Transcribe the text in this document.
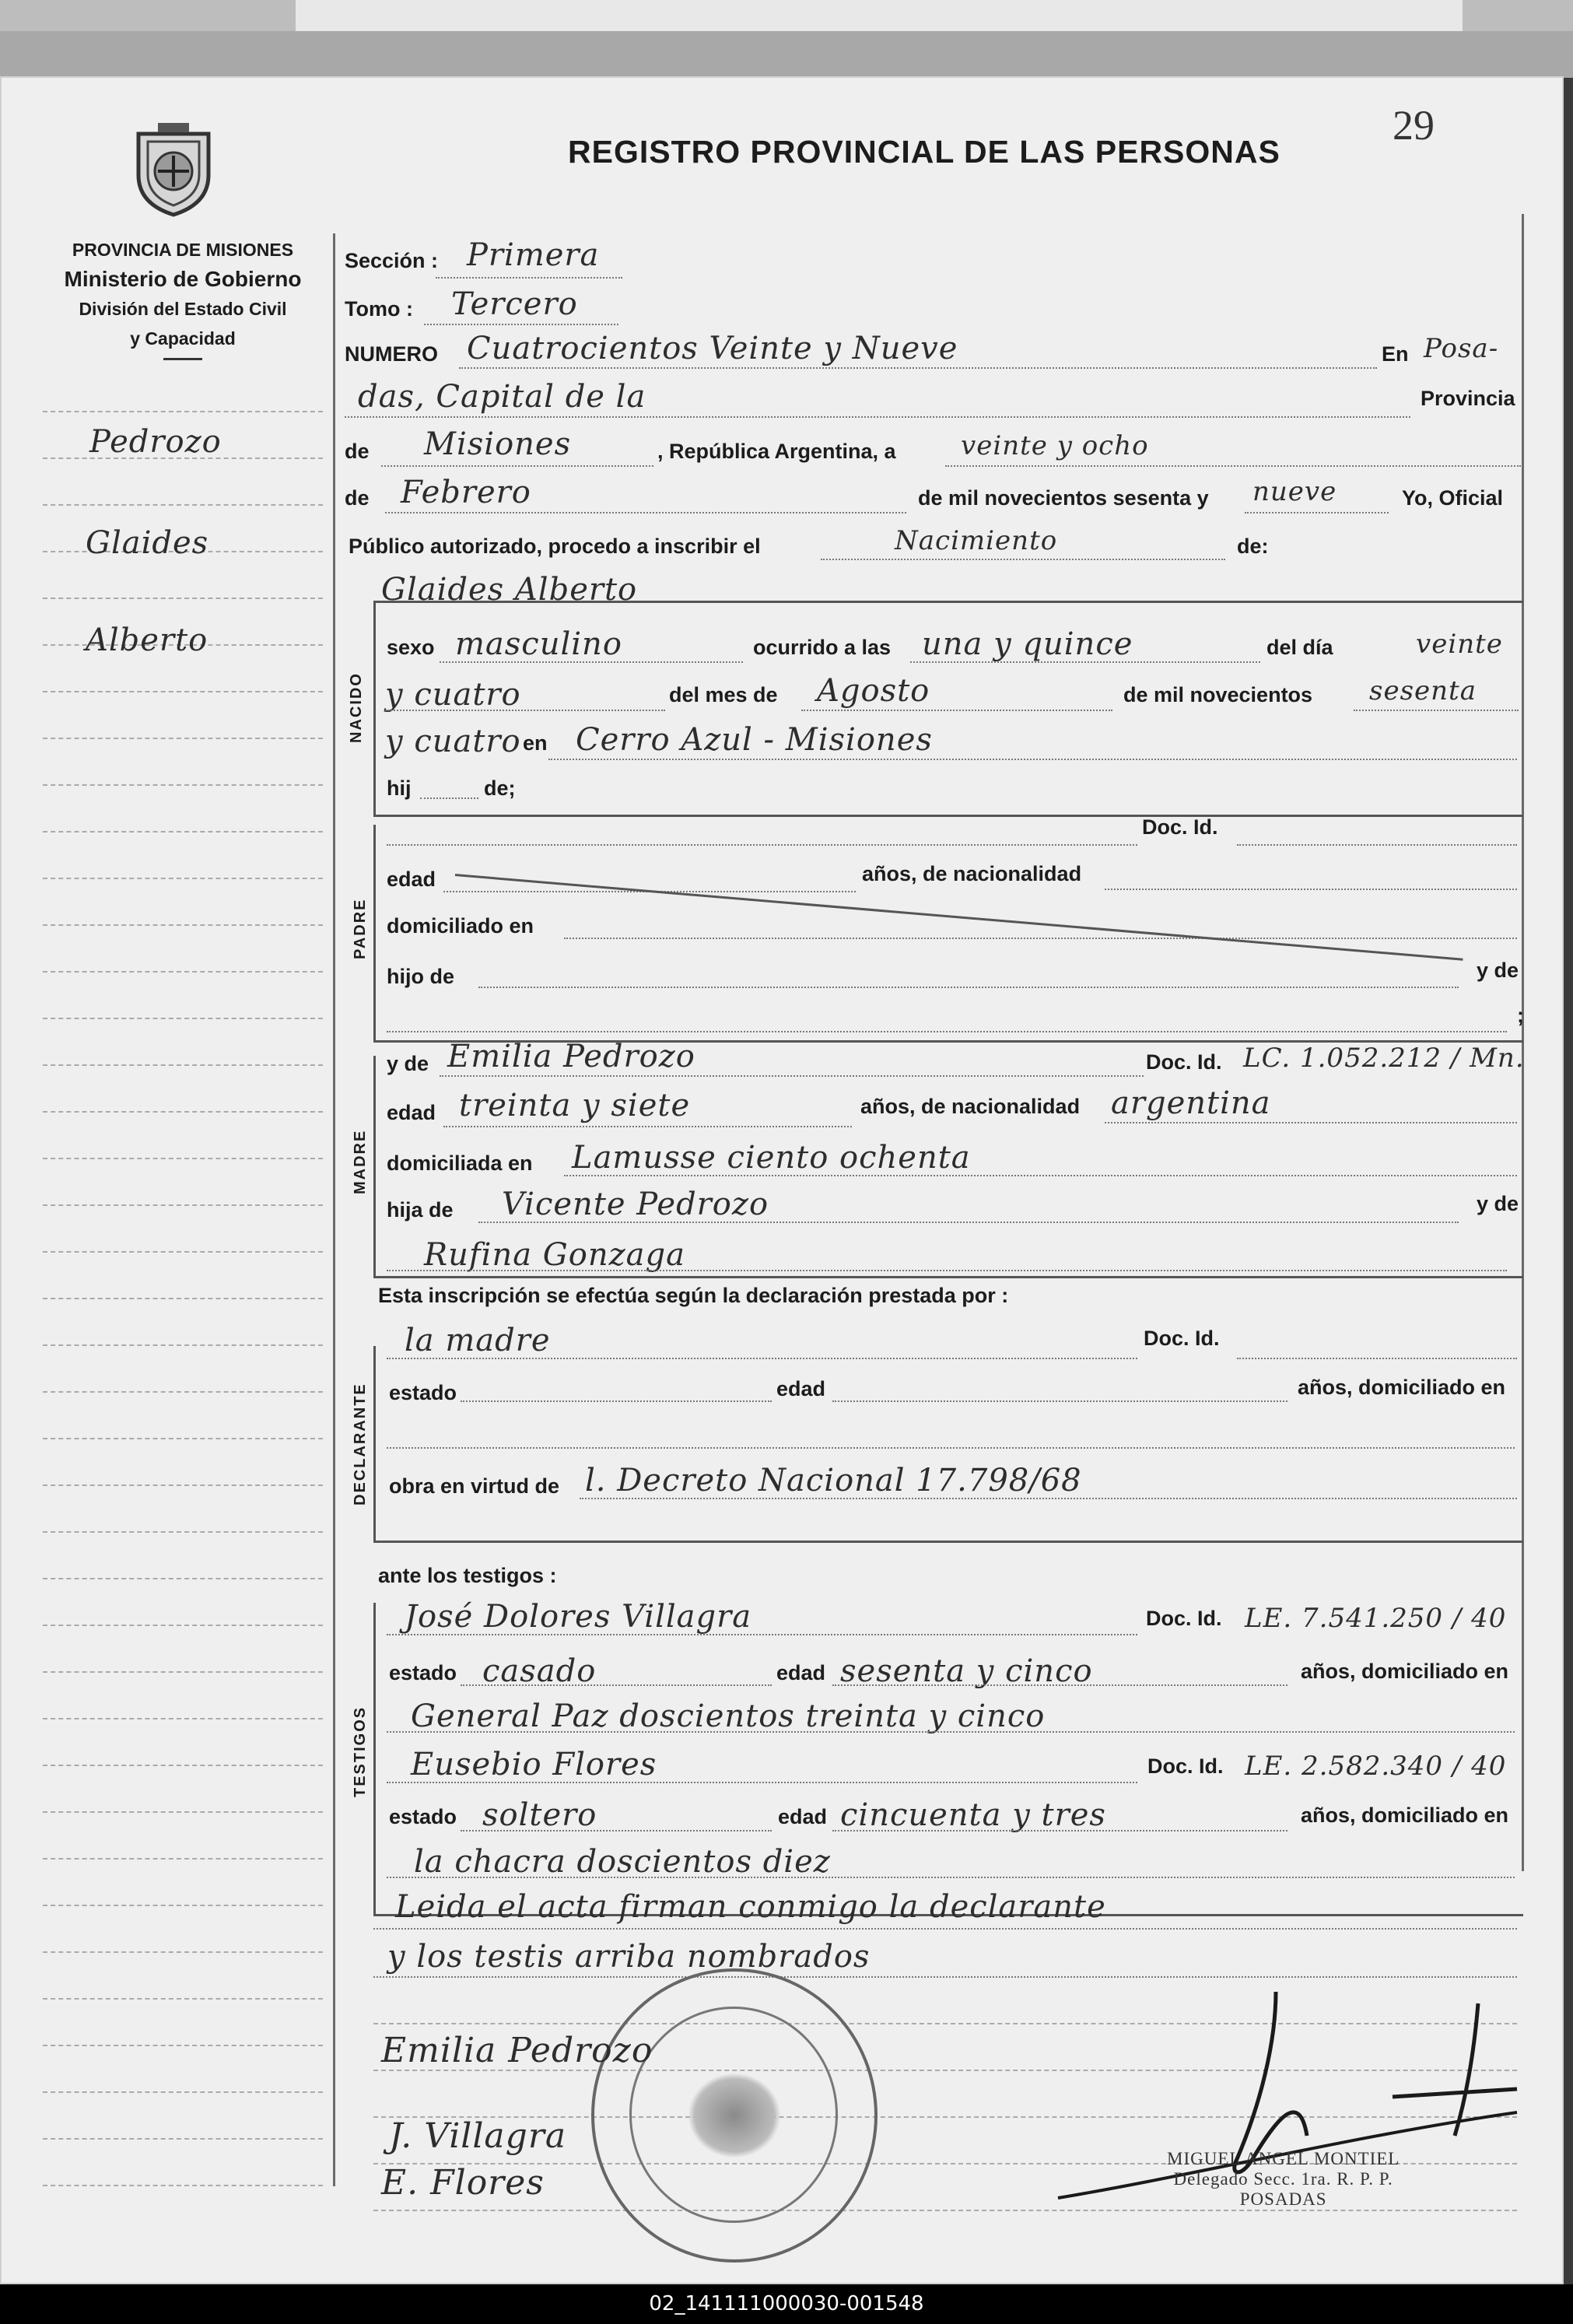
29
REGISTRO PROVINCIAL DE LAS PERSONAS
PROVINCIA DE MISIONES
Ministerio de Gobierno
División del Estado Civil
y Capacidad
Pedrozo
Glaides
Alberto
Sección : Primera
Tomo : Tercero
NUMERO Cuatrocientos Veinte y Nueve	En Posa-
das, Capital de la	Provincia
de Misiones	, República Argentina, a veinte y ocho
de Febrero	de mil novecientos sesenta y nueve	Yo, Oficial
Público autorizado, procedo a inscribir el	Nacimiento	de:
NACIDO
Glaides Alberto
sexo masculino	ocurrido a las una y quince	del día	veinte
y cuatro	del mes de Agosto	de mil novecientos sesenta
y cuatro en Cerro Azul - Misiones
hij	de;
PADRE
Doc. Id.
edad	años, de nacionalidad
domiciliado en
hijo de	y de
;
MADRE
y de Emilia Pedrozo	Doc. Id. LC. 1.052.212 / Mn.
edad treinta y siete	años, de nacionalidad argentina
domiciliada en Lamusse ciento ochenta
hija de Vicente Pedrozo	y de
Rufina Gonzaga
Esta inscripción se efectúa según la declaración prestada por :
DECLARANTE
la madre	Doc. Id.
estado	edad	años, domiciliado en
obra en virtud de l. Decreto Nacional 17.798/68
ante los testigos :
TESTIGOS
José Dolores Villagra	Doc. Id. LE. 7.541.250 / 40
estado casado	edad sesenta y cinco	años, domiciliado en
General Paz doscientos treinta y cinco
Eusebio Flores	Doc. Id. LE. 2.582.340 / 40
estado soltero	edad cincuenta y tres	años, domiciliado en
la chacra doscientos diez
Leida el acta firman conmigo la declarante
y los testis arriba nombrados
Emilia Pedrozo
J. Villagra
E. Flores
MIGUEL ANGEL MONTIEL
Delegado Secc. 1ra. R. P. P.
POSADAS
02_141111000030-001548
